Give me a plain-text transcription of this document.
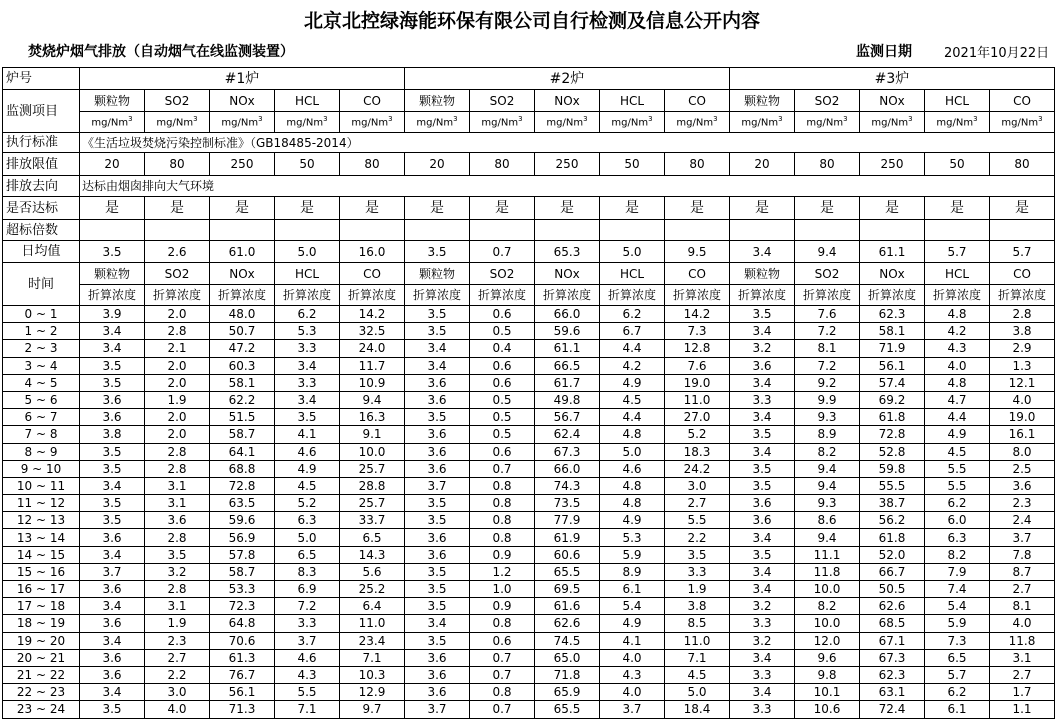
北京北控绿海能环保有限公司自行检测及信息公开内容
焚烧炉烟气排放（自动烟气在线监测装置）	监测日期 2021年10月22日
炉号	#1炉					#2炉					#3炉				
监测项目	颗粒物	SO2	NOx	HCL	CO	颗粒物	SO2	NOx	HCL	CO	颗粒物	SO2	NOx	HCL	CO
	mg/Nm$^3$	mg/Nm$^3$	mg/Nm$^3$	mg/Nm$^3$	mg/Nm$^3$	mg/Nm$^3$	mg/Nm$^3$	mg/Nm$^3$	mg/Nm$^3$	mg/Nm$^3$	mg/Nm$^3$	mg/Nm$^3$	mg/Nm$^3$	mg/Nm$^3$	mg/Nm$^3$
执行标准	《生活垃圾焚烧污染控制标准》（GB18485-2014）														
排放限值	20	80	250	50	80	20	80	250	50	80	20	80	250	50	80
排放去向	达标由烟囱排向大气环境														
是否达标	是	是	是	是	是	是	是	是	是	是	是	是	是	是	是
超标倍数															
日均值	3.5	2.6	61.0	5.0	16.0	3.5	0.7	65.3	5.0	9.5	3.4	9.4	61.1	5.7	5.7
时间	颗粒物	SO2	NOx	HCL	CO	颗粒物	SO2	NOx	HCL	CO	颗粒物	SO2	NOx	HCL	CO
	折算浓度	折算浓度	折算浓度	折算浓度	折算浓度	折算浓度	折算浓度	折算浓度	折算浓度	折算浓度	折算浓度	折算浓度	折算浓度	折算浓度	折算浓度
0 ~ 1	3.9	2.0	48.0	6.2	14.2	3.5	0.6	66.0	6.2	14.2	3.5	7.6	62.3	4.8	2.8
1 ~ 2	3.4	2.8	50.7	5.3	32.5	3.5	0.5	59.6	6.7	7.3	3.4	7.2	58.1	4.2	3.8
2 ~ 3	3.4	2.1	47.2	3.3	24.0	3.4	0.4	61.1	4.4	12.8	3.2	8.1	71.9	4.3	2.9
3 ~ 4	3.5	2.0	60.3	3.4	11.7	3.4	0.6	66.5	4.2	7.6	3.6	7.2	56.1	4.0	1.3
4 ~ 5	3.5	2.0	58.1	3.3	10.9	3.6	0.6	61.7	4.9	19.0	3.4	9.2	57.4	4.8	12.1
5 ~ 6	3.6	1.9	62.2	3.4	9.4	3.6	0.5	49.8	4.5	11.0	3.3	9.9	69.2	4.7	4.0
6 ~ 7	3.6	2.0	51.5	3.5	16.3	3.5	0.5	56.7	4.4	27.0	3.4	9.3	61.8	4.4	19.0
7 ~ 8	3.8	2.0	58.7	4.1	9.1	3.6	0.5	62.4	4.8	5.2	3.5	8.9	72.8	4.9	16.1
8 ~ 9	3.5	2.8	64.1	4.6	10.0	3.6	0.6	67.3	5.0	18.3	3.4	8.2	52.8	4.5	8.0
9 ~ 10	3.5	2.8	68.8	4.9	25.7	3.6	0.7	66.0	4.6	24.2	3.5	9.4	59.8	5.5	2.5
10 ~ 11	3.4	3.1	72.8	4.5	28.8	3.7	0.8	74.3	4.8	3.0	3.5	9.4	55.5	5.5	3.6
11 ~ 12	3.5	3.1	63.5	5.2	25.7	3.5	0.8	73.5	4.8	2.7	3.6	9.3	38.7	6.2	2.3
12 ~ 13	3.5	3.6	59.6	6.3	33.7	3.5	0.8	77.9	4.9	5.5	3.6	8.6	56.2	6.0	2.4
13 ~ 14	3.6	2.8	56.9	5.0	6.5	3.6	0.8	61.9	5.3	2.2	3.4	9.4	61.8	6.3	3.7
14 ~ 15	3.4	3.5	57.8	6.5	14.3	3.6	0.9	60.6	5.9	3.5	3.5	11.1	52.0	8.2	7.8
15 ~ 16	3.7	3.2	58.7	8.3	5.6	3.5	1.2	65.5	8.9	3.3	3.4	11.8	66.7	7.9	8.7
16 ~ 17	3.6	2.8	53.3	6.9	25.2	3.5	1.0	69.5	6.1	1.9	3.4	10.0	50.5	7.4	2.7
17 ~ 18	3.4	3.1	72.3	7.2	6.4	3.5	0.9	61.6	5.4	3.8	3.2	8.2	62.6	5.4	8.1
18 ~ 19	3.6	1.9	64.8	3.3	11.0	3.4	0.8	62.6	4.9	8.5	3.3	10.0	68.5	5.9	4.0
19 ~ 20	3.4	2.3	70.6	3.7	23.4	3.5	0.6	74.5	4.1	11.0	3.2	12.0	67.1	7.3	11.8
20 ~ 21	3.6	2.7	61.3	4.6	7.1	3.6	0.7	65.0	4.0	7.1	3.4	9.6	67.3	6.5	3.1
21 ~ 22	3.6	2.2	76.7	4.3	10.3	3.6	0.7	71.8	4.3	4.5	3.3	9.8	62.3	5.7	2.7
22 ~ 23	3.4	3.0	56.1	5.5	12.9	3.6	0.8	65.9	4.0	5.0	3.4	10.1	63.1	6.2	1.7
23 ~ 24	3.5	4.0	71.3	7.1	9.7	3.7	0.7	65.5	3.7	18.4	3.3	10.6	72.4	6.1	1.1
